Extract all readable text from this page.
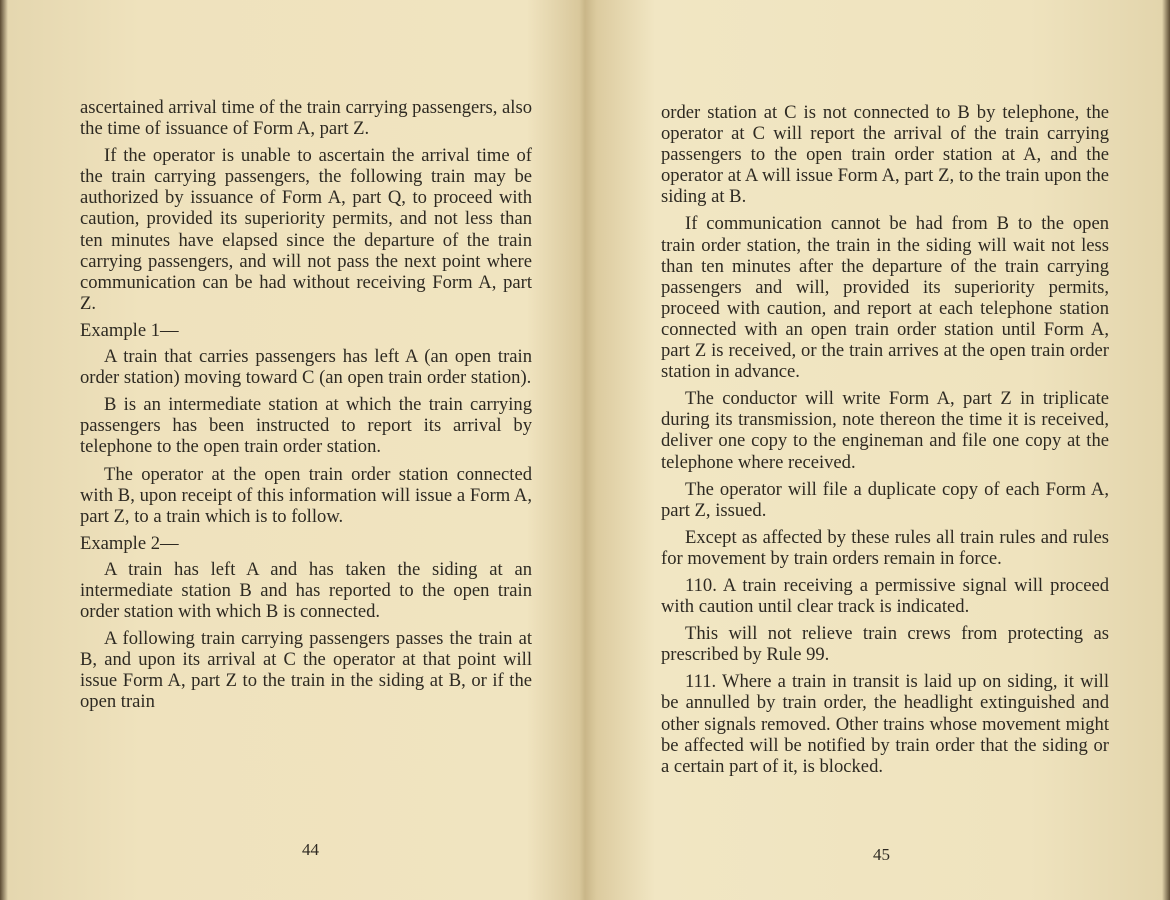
ascertained arrival time of the train carrying passengers, also the time of issuance of Form A, part Z.

If the operator is unable to ascertain the arrival time of the train carrying passengers, the following train may be authorized by issuance of Form A, part Q, to proceed with caution, provided its superiority permits, and not less than ten minutes have elapsed since the departure of the train carrying passengers, and will not pass the next point where communication can be had without receiving Form A, part Z.

Example 1—

A train that carries passengers has left A (an open train order station) moving toward C (an open train order station).

B is an intermediate station at which the train carrying passengers has been instructed to report its arrival by telephone to the open train order station.

The operator at the open train order station connected with B, upon receipt of this information will issue a Form A, part Z, to a train which is to follow.

Example 2—

A train has left A and has taken the siding at an intermediate station B and has reported to the open train order station with which B is connected.

A following train carrying passengers passes the train at B, and upon its arrival at C the operator at that point will issue Form A, part Z to the train in the siding at B, or if the open train

44

order station at C is not connected to B by telephone, the operator at C will report the arrival of the train carrying passengers to the open train order station at A, and the operator at A will issue Form A, part Z, to the train upon the siding at B.

If communication cannot be had from B to the open train order station, the train in the siding will wait not less than ten minutes after the departure of the train carrying passengers and will, provided its superiority permits, proceed with caution, and report at each telephone station connected with an open train order station until Form A, part Z is received, or the train arrives at the open train order station in advance.

The conductor will write Form A, part Z in triplicate during its transmission, note thereon the time it is received, deliver one copy to the engineman and file one copy at the telephone where received.

The operator will file a duplicate copy of each Form A, part Z, issued.

Except as affected by these rules all train rules and rules for movement by train orders remain in force.

110. A train receiving a permissive signal will proceed with caution until clear track is indicated.

This will not relieve train crews from protecting as prescribed by Rule 99.

111. Where a train in transit is laid up on siding, it will be annulled by train order, the headlight extinguished and other signals removed. Other trains whose movement might be affected will be notified by train order that the siding or a certain part of it, is blocked.

45
